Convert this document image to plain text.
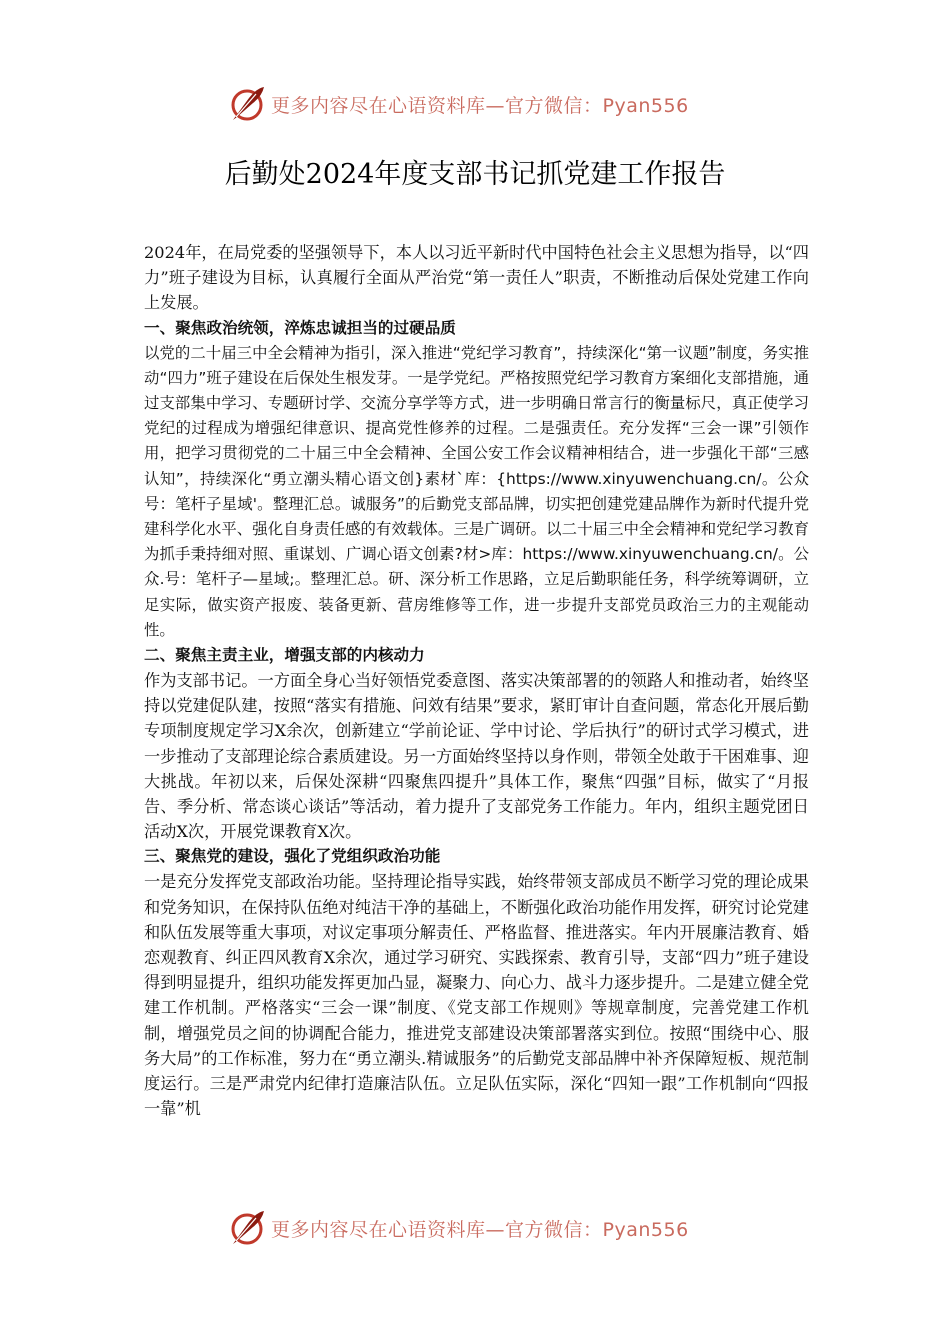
更多内容尽在心语资料库—官方微信：Pyan556
后勤处2024年度支部书记抓党建工作报告

2024年，在局党委的坚强领导下，本人以习近平新时代中国特色社会主义思想为指导，以“四力”班子建设为目标，认真履行全面从严治党“第一责任人”职责，不断推动后保处党建工作向上发展。

一、聚焦政治统领，淬炼忠诚担当的过硬品质

以党的二十届三中全会精神为指引，深入推进“党纪学习教育”，持续深化“第一议题”制度，务实推动“四力”班子建设在后保处生根发芽。一是学党纪。严格按照党纪学习教育方案细化支部措施，通过支部集中学习、专题研讨学、交流分享学等方式，进一步明确日常言行的衡量标尺，真正使学习党纪的过程成为增强纪律意识、提高党性修养的过程。二是强责任。充分发挥“三会一课”引领作用，把学习贯彻党的二十届三中全会精神、全国公安工作会议精神相结合，进一步强化干部“三感认知”，持续深化“勇立潮头精心语文创}素材`库：{https://www.xinyuwenchuang.cn/。公众号：笔杆子星域'。整理汇总。诚服务”的后勤党支部品牌，切实把创建党建品牌作为新时代提升党建科学化水平、强化自身责任感的有效载体。三是广调研。以二十届三中全会精神和党纪学习教育为抓手秉持细对照、重谋划、广调心语文创素?材>库：https://www.xinyuwenchuang.cn/。公众.号：笔杆子—星域;。整理汇总。研、深分析工作思路，立足后勤职能任务，科学统筹调研，立足实际，做实资产报废、装备更新、营房维修等工作，进一步提升支部党员政治三力的主观能动性。

二、聚焦主责主业，增强支部的内核动力

作为支部书记。一方面全身心当好领悟党委意图、落实决策部署的的领路人和推动者，始终坚持以党建促队建，按照“落实有措施、问效有结果”要求，紧盯审计自查问题，常态化开展后勤专项制度规定学习X余次，创新建立“学前论证、学中讨论、学后执行”的研讨式学习模式，进一步推动了支部理论综合素质建设。另一方面始终坚持以身作则，带领全处敢于干困难事、迎大挑战。年初以来，后保处深耕“四聚焦四提升”具体工作，聚焦“四强”目标，做实了“月报告、季分析、常态谈心谈话”等活动，着力提升了支部党务工作能力。年内，组织主题党团日活动X次，开展党课教育X次。

三、聚焦党的建设，强化了党组织政治功能

一是充分发挥党支部政治功能。坚持理论指导实践，始终带领支部成员不断学习党的理论成果和党务知识，在保持队伍绝对纯洁干净的基础上，不断强化政治功能作用发挥，研究讨论党建和队伍发展等重大事项，对议定事项分解责任、严格监督、推进落实。年内开展廉洁教育、婚恋观教育、纠正四风教育X余次，通过学习研究、实践探索、教育引导，支部“四力”班子建设得到明显提升，组织功能发挥更加凸显，凝聚力、向心力、战斗力逐步提升。二是建立健全党建工作机制。严格落实“三会一课”制度、《党支部工作规则》等规章制度，完善党建工作机制，增强党员之间的协调配合能力，推进党支部建设决策部署落实到位。按照“围绕中心、服务大局”的工作标准，努力在“勇立潮头.精诚服务”的后勤党支部品牌中补齐保障短板、规范制度运行。三是严肃党内纪律打造廉洁队伍。立足队伍实际，深化“四知一跟”工作机制向“四报一靠”机

更多内容尽在心语资料库—官方微信：Pyan556
